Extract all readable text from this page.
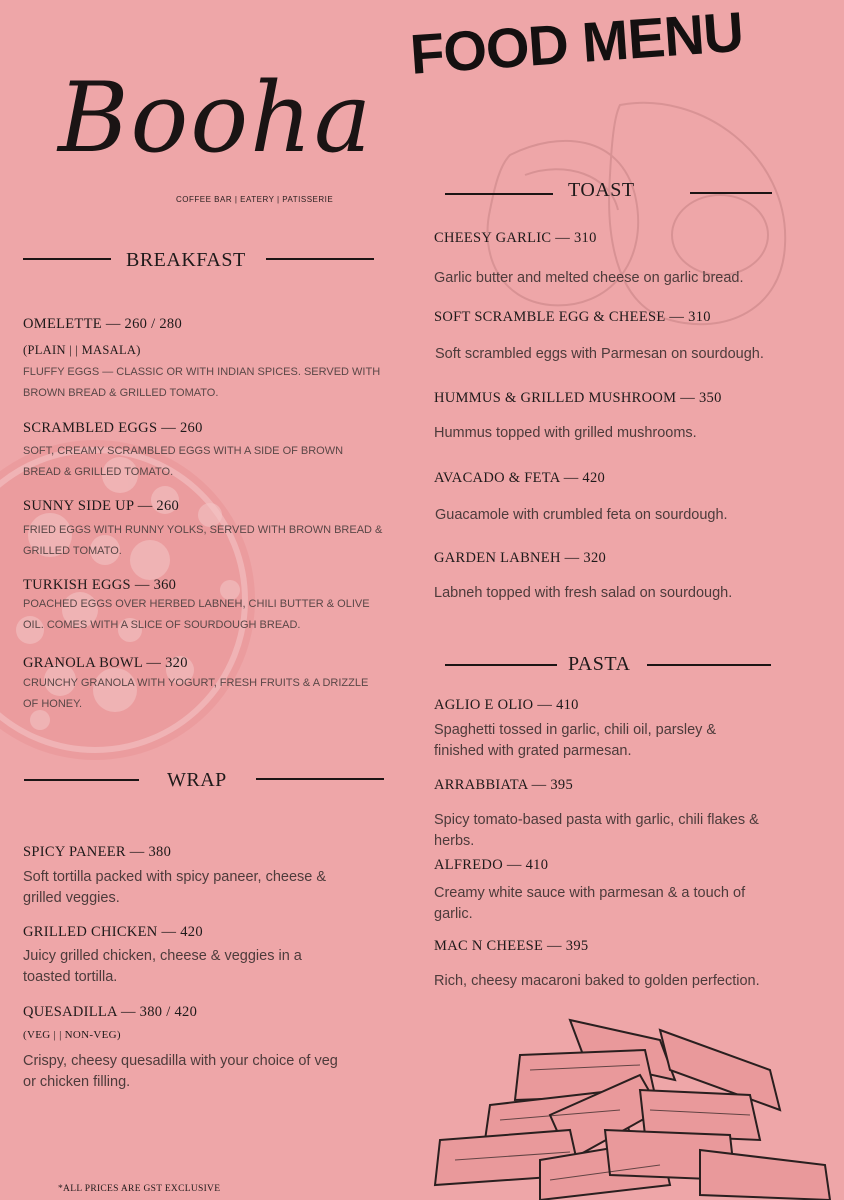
Booha
COFFEE BAR | EATERY | PATISSERIE
FOOD MENU
BREAKFAST
OMELETTE — 260 / 280
(PLAIN | | MASALA)
FLUFFY EGGS — CLASSIC OR WITH INDIAN SPICES. SERVED WITH BROWN BREAD & GRILLED TOMATO.
SCRAMBLED EGGS — 260
SOFT, CREAMY SCRAMBLED EGGS WITH A SIDE OF BROWN BREAD & GRILLED TOMATO.
SUNNY SIDE UP — 260
FRIED EGGS WITH RUNNY YOLKS, SERVED WITH BROWN BREAD & GRILLED TOMATO.
TURKISH EGGS — 360
POACHED EGGS OVER HERBED LABNEH, CHILI BUTTER & OLIVE OIL. COMES WITH A SLICE OF SOURDOUGH BREAD.
GRANOLA BOWL — 320
CRUNCHY GRANOLA WITH YOGURT, FRESH FRUITS & A DRIZZLE OF HONEY.
WRAP
SPICY PANEER — 380
Soft tortilla packed with spicy paneer, cheese & grilled veggies.
GRILLED CHICKEN — 420
Juicy grilled chicken, cheese & veggies in a toasted tortilla.
QUESADILLA — 380 / 420
(VEG | | NON-VEG)
Crispy, cheesy quesadilla with your choice of veg or chicken filling.
TOAST
CHEESY GARLIC — 310
Garlic butter and melted cheese on garlic bread.
SOFT SCRAMBLE EGG & CHEESE — 310
Soft scrambled eggs with Parmesan on sourdough.
HUMMUS & GRILLED MUSHROOM — 350
Hummus topped with grilled mushrooms.
AVACADO & FETA — 420
Guacamole with crumbled feta on sourdough.
GARDEN LABNEH — 320
Labneh topped with fresh salad on sourdough.
PASTA
AGLIO E OLIO — 410
Spaghetti tossed in garlic, chili oil, parsley & finished with grated parmesan.
ARRABBIATA — 395
Spicy tomato-based pasta with garlic, chili flakes & herbs.
ALFREDO — 410
Creamy white sauce with parmesan & a touch of garlic.
MAC N CHEESE — 395
Rich, cheesy macaroni baked to golden perfection.
*ALL PRICES ARE GST EXCLUSIVE
